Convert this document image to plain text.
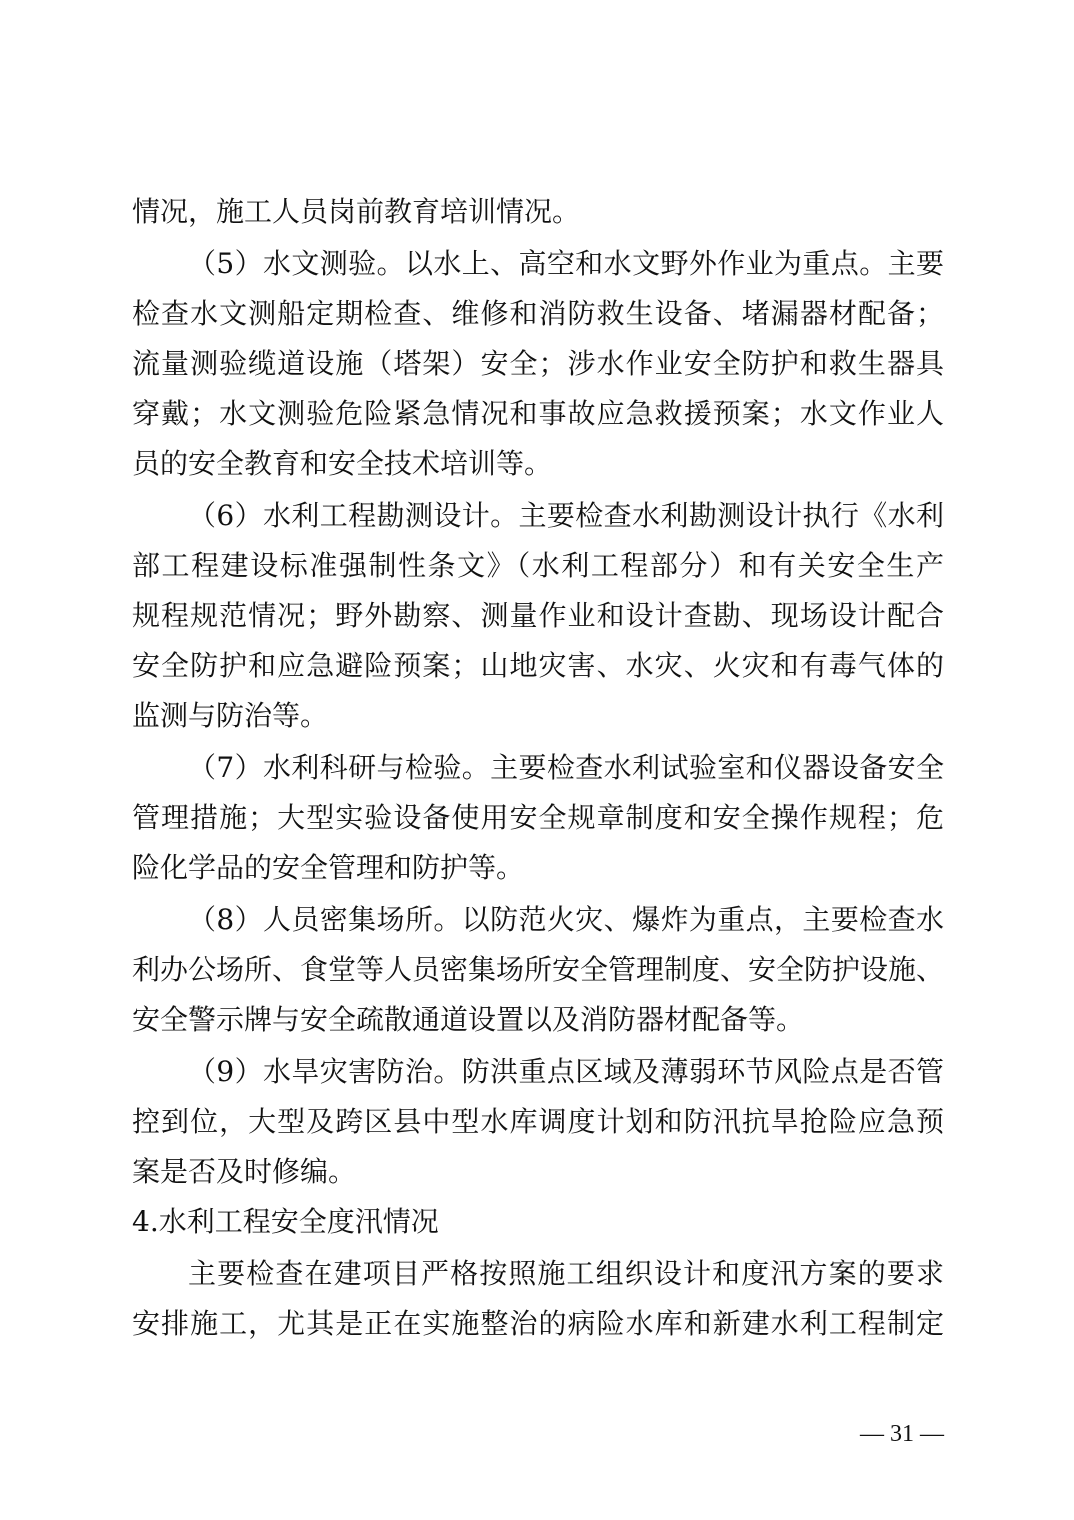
情况，施工人员岗前教育培训情况。
（5）水文测验。以水上、高空和水文野外作业为重点。主要
检查水文测船定期检查、维修和消防救生设备、堵漏器材配备；
流量测验缆道设施（塔架）安全；涉水作业安全防护和救生器具
穿戴；水文测验危险紧急情况和事故应急救援预案；水文作业人
员的安全教育和安全技术培训等。
（6）水利工程勘测设计。主要检查水利勘测设计执行《水利
部工程建设标准强制性条文》（水利工程部分）和有关安全生产
规程规范情况；野外勘察、测量作业和设计查勘、现场设计配合
安全防护和应急避险预案；山地灾害、水灾、火灾和有毒气体的
监测与防治等。
（7）水利科研与检验。主要检查水利试验室和仪器设备安全
管理措施；大型实验设备使用安全规章制度和安全操作规程；危
险化学品的安全管理和防护等。
（8）人员密集场所。以防范火灾、爆炸为重点，主要检查水
利办公场所、食堂等人员密集场所安全管理制度、安全防护设施、
安全警示牌与安全疏散通道设置以及消防器材配备等。
（9）水旱灾害防治。防洪重点区域及薄弱环节风险点是否管
控到位，大型及跨区县中型水库调度计划和防汛抗旱抢险应急预
案是否及时修编。
4.水利工程安全度汛情况
主要检查在建项目严格按照施工组织设计和度汛方案的要求
安排施工，尤其是正在实施整治的病险水库和新建水利工程制定
— 31 —
